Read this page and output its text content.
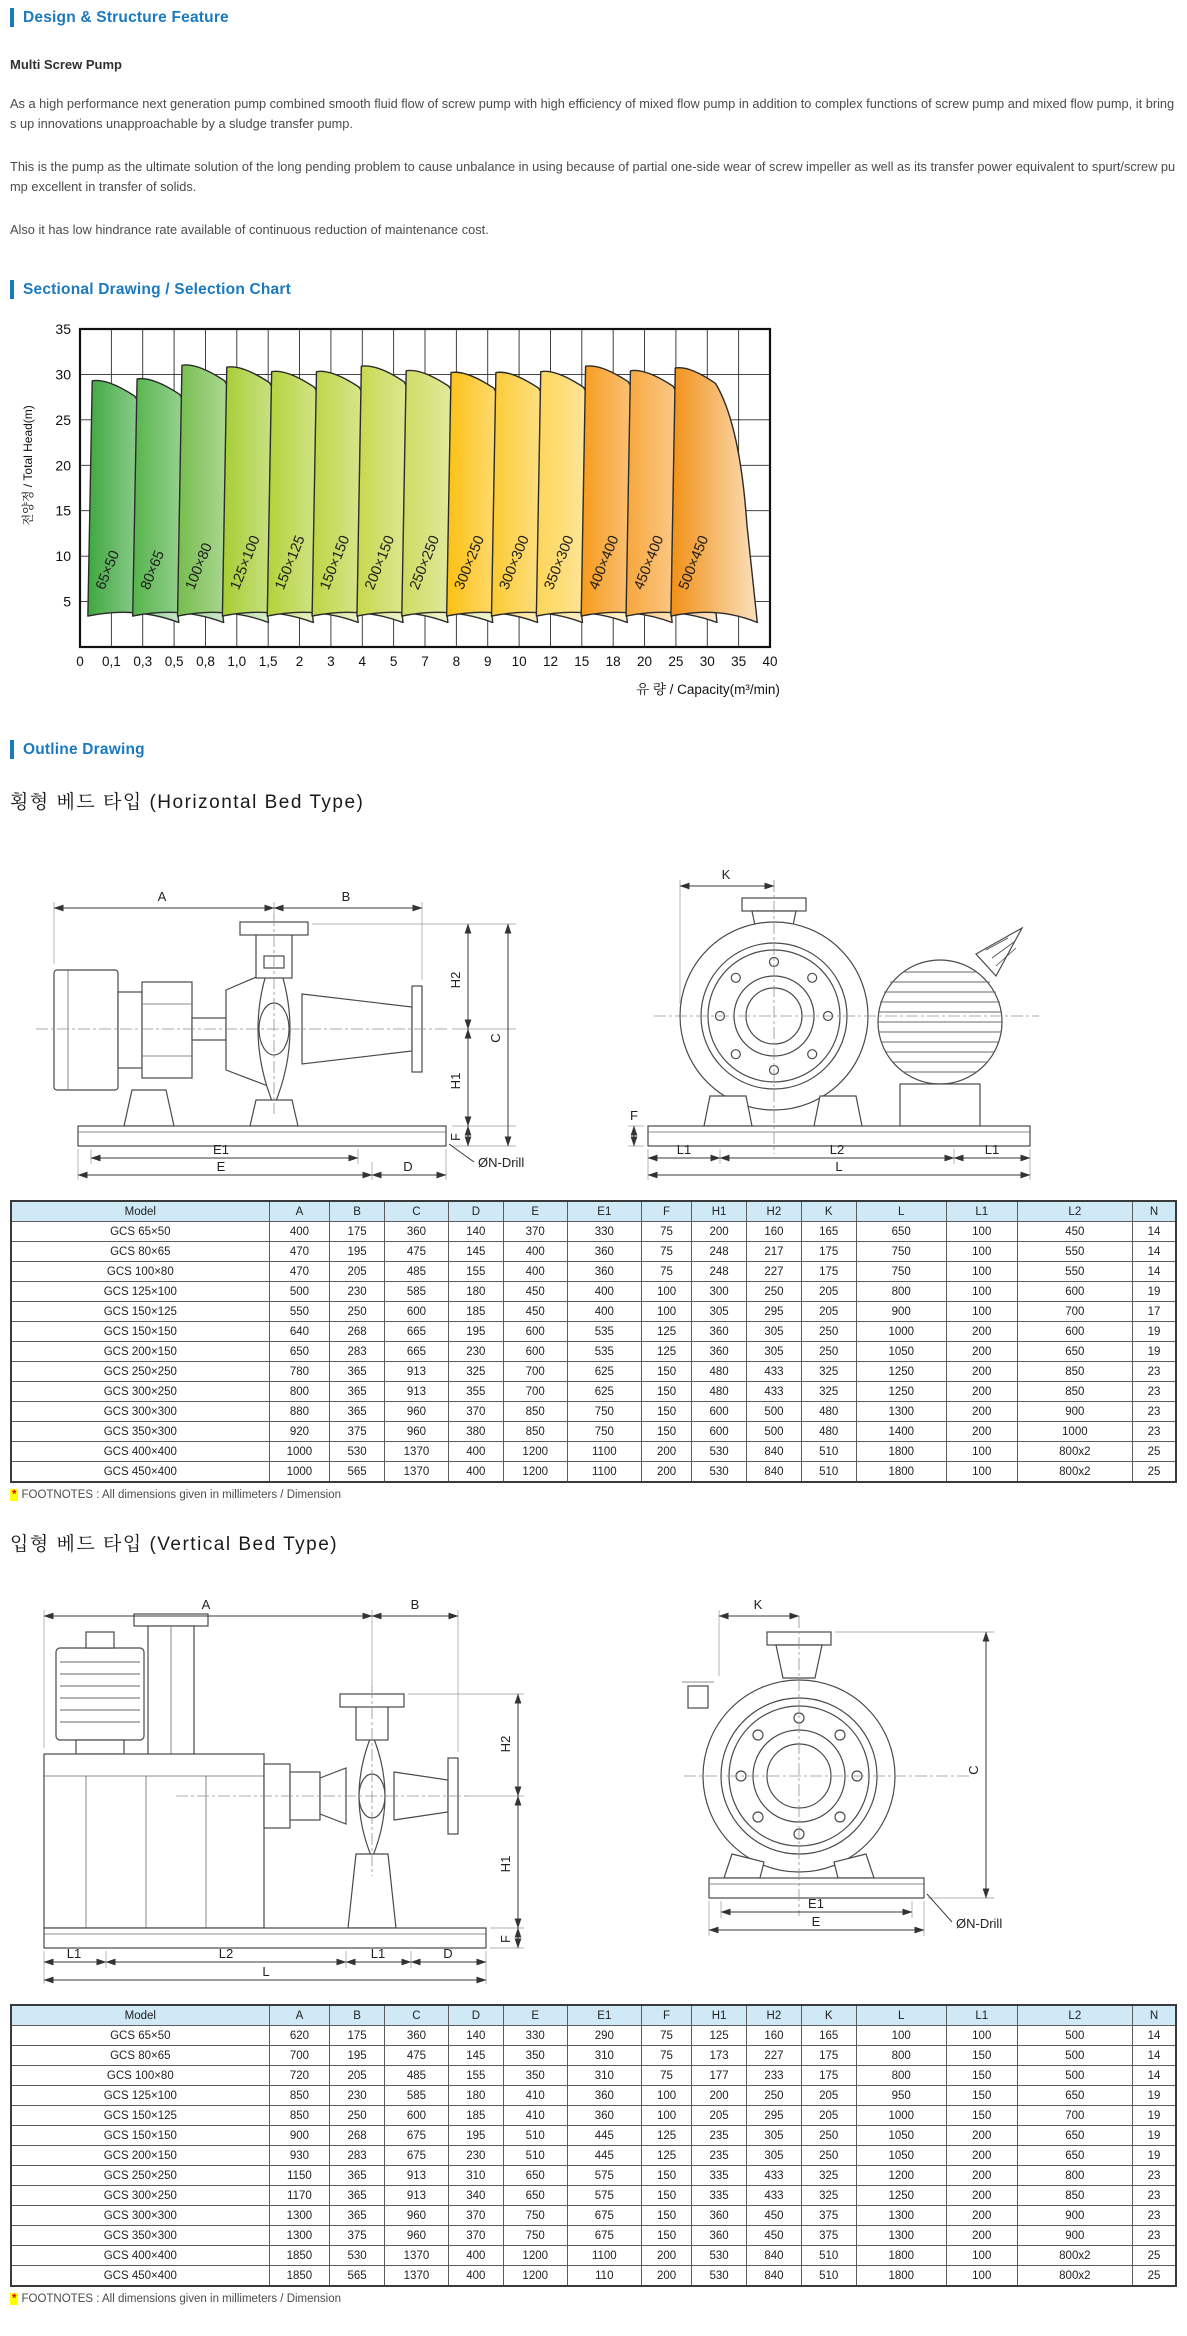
Design & Structure Feature
Multi Screw Pump

As a high performance next generation pump combined smooth fluid flow of screw pump with high efficiency of mixed flow pump in addition to complex functions of screw pump and mixed flow pump, it brings up innovations unapproachable by a sludge transfer pump.

This is the pump as the ultimate solution of the long pending problem to cause unbalance in using because of partial one-side wear of screw impeller as well as its transfer power equivalent to spurt/screw pump excellent in transfer of solids.

Also it has low hindrance rate available of continuous reduction of maintenance cost.

Sectional Drawing / Selection Chart
65×50 80×65 100×80 125×100 150×125 150×150 200×150 250×250 300×250 300×300 350×300 400×400 450×400 500×450
0 0,1 0,3 0,5 0,8 1,0 1,5 2 3 4 5 7 8 9 10 12 15 18 20 25 30 35 40
5
10
15
20
25
30
35
유 량 / Capacity(m³/min)
전양정 / Total Head(m)
Outline Drawing
횡형 베드 타입 (Horizontal Bed Type)
A	B
H2
C
H1
F
E1
E	D	ØN-Drill
K
F
L1	L2	L1
L
Model	A	B	C	D	E	E1	F	H1	H2	K	L	L1	L2	N
GCS 65×50	400	175	360	140	370	330	75	200	160	165	650	100	450	14
GCS 80×65	470	195	475	145	400	360	75	248	217	175	750	100	550	14
GCS 100×80	470	205	485	155	400	360	75	248	227	175	750	100	550	14
GCS 125×100	500	230	585	180	450	400	100	300	250	205	800	100	600	19
GCS 150×125	550	250	600	185	450	400	100	305	295	205	900	100	700	17
GCS 150×150	640	268	665	195	600	535	125	360	305	250	1000	200	600	19
GCS 200×150	650	283	665	230	600	535	125	360	305	250	1050	200	650	19
GCS 250×250	780	365	913	325	700	625	150	480	433	325	1250	200	850	23
GCS 300×250	800	365	913	355	700	625	150	480	433	325	1250	200	850	23
GCS 300×300	880	365	960	370	850	750	150	600	500	480	1300	200	900	23
GCS 350×300	920	375	960	380	850	750	150	600	500	480	1400	200	1000	23
GCS 400×400	1000	530	1370	400	1200	1100	200	530	840	510	1800	100	800x2	25
GCS 450×400	1000	565	1370	400	1200	1100	200	530	840	510	1800	100	800x2	25
* FOOTNOTES : All dimensions given in millimeters / Dimension
입형 베드 타입 (Vertical Bed Type)
A	B
H2
H1
F
L1	L2	L1	D
L
K
C
E1
E	ØN-Drill
Model	A	B	C	D	E	E1	F	H1	H2	K	L	L1	L2	N
GCS 65×50	620	175	360	140	330	290	75	125	160	165	100	100	500	14
GCS 80×65	700	195	475	145	350	310	75	173	227	175	800	150	500	14
GCS 100×80	720	205	485	155	350	310	75	177	233	175	800	150	500	14
GCS 125×100	850	230	585	180	410	360	100	200	250	205	950	150	650	19
GCS 150×125	850	250	600	185	410	360	100	205	295	205	1000	150	700	19
GCS 150×150	900	268	675	195	510	445	125	235	305	250	1050	200	650	19
GCS 200×150	930	283	675	230	510	445	125	235	305	250	1050	200	650	19
GCS 250×250	1150	365	913	310	650	575	150	335	433	325	1200	200	800	23
GCS 300×250	1170	365	913	340	650	575	150	335	433	325	1250	200	850	23
GCS 300×300	1300	365	960	370	750	675	150	360	450	375	1300	200	900	23
GCS 350×300	1300	375	960	370	750	675	150	360	450	375	1300	200	900	23
GCS 400×400	1850	530	1370	400	1200	1100	200	530	840	510	1800	100	800x2	25
GCS 450×400	1850	565	1370	400	1200	110	200	530	840	510	1800	100	800x2	25
* FOOTNOTES : All dimensions given in millimeters / Dimension
